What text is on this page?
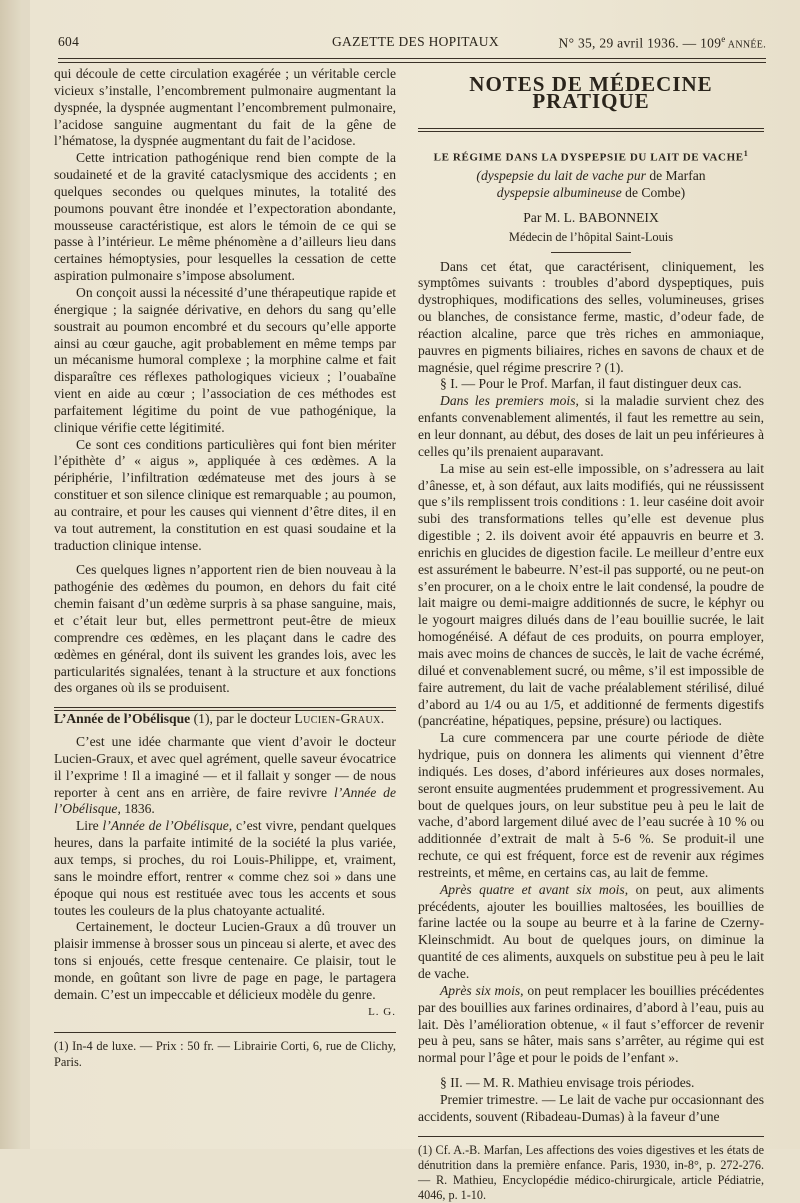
604	GAZETTE DES HOPITAUX	N° 35, 29 avril 1936. — 109e ANNÉE.

qui découle de cette circulation exagérée ; un véritable cercle vicieux s’installe, l’encombrement pulmonaire augmentant la dyspnée, la dyspnée augmentant l’encombrement pulmonaire, l’acidose sanguine augmentant du fait de la gêne de l’hématose, la dyspnée augmentant du fait de l’acidose.

Cette intrication pathogénique rend bien compte de la soudaineté et de la gravité cataclysmique des accidents ; en quelques secondes ou quelques minutes, la totalité des poumons pouvant être inondée et l’expectoration abondante, mousseuse caractéristique, est alors le témoin de ce qui se passe à l’intérieur. Le même phénomène a d’ailleurs lieu dans certaines hémoptysies, pour lesquelles la cessation de cette aspiration pulmonaire s’impose absolument.

On conçoit aussi la nécessité d’une thérapeutique rapide et énergique ; la saignée dérivative, en dehors du sang qu’elle soustrait au poumon encombré et du secours qu’elle apporte ainsi au cœur gauche, agit probablement en même temps par un mécanisme humoral complexe ; la morphine calme et fait disparaître ces réflexes pathologiques vicieux ; l’ouabaïne vient en aide au cœur ; l’association de ces méthodes est parfaitement légitime du point de vue pathogénique, la clinique vérifie cette légitimité.

Ce sont ces conditions particulières qui font bien mériter l’épithète d’ « aigus », appliquée à ces œdèmes. A la périphérie, l’infiltration œdémateuse met des jours à se constituer et son silence clinique est remarquable ; au poumon, au contraire, et pour les causes qui viennent d’être dites, il en va tout autrement, la constitution en est quasi soudaine et la traduction clinique intense.

Ces quelques lignes n’apportent rien de bien nouveau à la pathogénie des œdèmes du poumon, en dehors du fait cité chemin faisant d’un œdème surpris à sa phase sanguine, mais, et c’était leur but, elles permettront peut-être de mieux comprendre ces œdèmes, en les plaçant dans le cadre des œdèmes en général, dont ils suivent les grandes lois, avec les particularités signalées, tenant à la structure et aux fonctions des organes où ils se produisent.

L’Année de l’Obélisque (1), par le docteur Lucien-Graux.

C’est une idée charmante que vient d’avoir le docteur Lucien-Graux, et avec quel agrément, quelle saveur évocatrice il l’exprime ! Il a imaginé — et il fallait y songer — de nous reporter à cent ans en arrière, de faire revivre l’Année de l’Obélisque, 1836.

Lire l’Année de l’Obélisque, c’est vivre, pendant quelques heures, dans la parfaite intimité de la société la plus variée, aux temps, si proches, du roi Louis-Philippe, et, vraiment, sans le moindre effort, rentrer « comme chez soi » dans une époque qui nous est restituée avec tous les accents et sous toutes les couleurs de la plus chatoyante actualité.

Certainement, le docteur Lucien-Graux a dû trouver un plaisir immense à brosser sous un pinceau si alerte, et avec des tons si enjoués, cette fresque centenaire. Ce plaisir, tout le monde, en goûtant son livre de page en page, le partagera demain. C’est un impeccable et délicieux modèle du genre.

L. G.

(1) In-4 de luxe. — Prix : 50 fr. — Librairie Corti, 6, rue de Clichy, Paris.

NOTES DE MÉDECINE PRATIQUE
LE RÉGIME DANS LA DYSPEPSIE DU LAIT DE VACHE$^1$
(dyspepsie du lait de vache pur de Marfan
dyspepsie albumineuse de Combe)
Par M. L. BABONNEIX
Médecin de l’hôpital Saint-Louis

Dans cet état, que caractérisent, cliniquement, les symptômes suivants : troubles d’abord dyspeptiques, puis dystrophiques, modifications des selles, volumineuses, grises ou blanches, de consistance ferme, mastic, d’odeur fade, de réaction alcaline, parce que très riches en ammoniaque, pauvres en pigments biliaires, riches en savons de chaux et de magnésie, quel régime prescrire ? (1).

§ I. — Pour le Prof. Marfan, il faut distinguer deux cas.

Dans les premiers mois, si la maladie survient chez des enfants convenablement alimentés, il faut les remettre au sein, en leur donnant, au début, des doses de lait un peu inférieures à celles qu’ils prenaient auparavant.

La mise au sein est-elle impossible, on s’adressera au lait d’ânesse, et, à son défaut, aux laits modifiés, qui ne réussissent que s’ils remplissent trois conditions : 1. leur caséine doit avoir subi des transformations telles qu’elle est devenue plus digestible ; 2. ils doivent avoir été appauvris en beurre et 3. enrichis en glucides de digestion facile. Le meilleur d’entre eux est assurément le babeurre. N’est-il pas supporté, ou ne peut-on s’en procurer, on a le choix entre le lait condensé, la poudre de lait maigre ou demi-maigre additionnés de sucre, le képhyr ou le yogourt maigres dilués dans de l’eau bouillie sucrée, le lait homogénéisé. A défaut de ces produits, on pourra employer, mais avec moins de chances de succès, le lait de vache écrémé, dilué et convenablement sucré, ou même, s’il est impossible de faire autrement, du lait de vache préalablement stérilisé, dilué d’abord au 1/4 ou au 1/5, et additionné de ferments digestifs (pancréatine, hépatiques, pepsine, présure) ou lactiques.

La cure commencera par une courte période de diète hydrique, puis on donnera les aliments qui viennent d’être indiqués. Les doses, d’abord inférieures aux doses normales, seront ensuite augmentées prudemment et progressivement. Au bout de quelques jours, on leur substitue peu à peu le lait de vache, d’abord largement dilué avec de l’eau sucrée à 10 % ou additionnée d’extrait de malt à 5-6 %. Se produit-il une rechute, ce qui est fréquent, force est de revenir aux régimes restreints, et même, en certains cas, au lait de femme.

Après quatre et avant six mois, on peut, aux aliments précédents, ajouter les bouillies maltosées, les bouillies de farine lactée ou la soupe au beurre et à la farine de Czerny-Kleinschmidt. Au bout de quelques jours, on diminue la quantité de ces aliments, auxquels on substitue peu à peu le lait de vache.

Après six mois, on peut remplacer les bouillies précédentes par des bouillies aux farines ordinaires, d’abord à l’eau, puis au lait. Dès l’amélioration obtenue, « il faut s’efforcer de revenir peu à peu, sans se hâter, mais sans s’arrêter, au régime qui est normal pour l’âge et pour le poids de l’enfant ».

§ II. — M. R. Mathieu envisage trois périodes.

Premier trimestre. — Le lait de vache pur occasionnant des accidents, souvent (Ribadeau-Dumas) à la faveur d’une

(1) Cf. A.-B. Marfan, Les affections des voies digestives et les états de dénutrition dans la première enfance. Paris, 1930, in-8°, p. 272-276. — R. Mathieu, Encyclopédie médico-chirurgicale, article Pédiatrie, 4046, p. 1-10.
